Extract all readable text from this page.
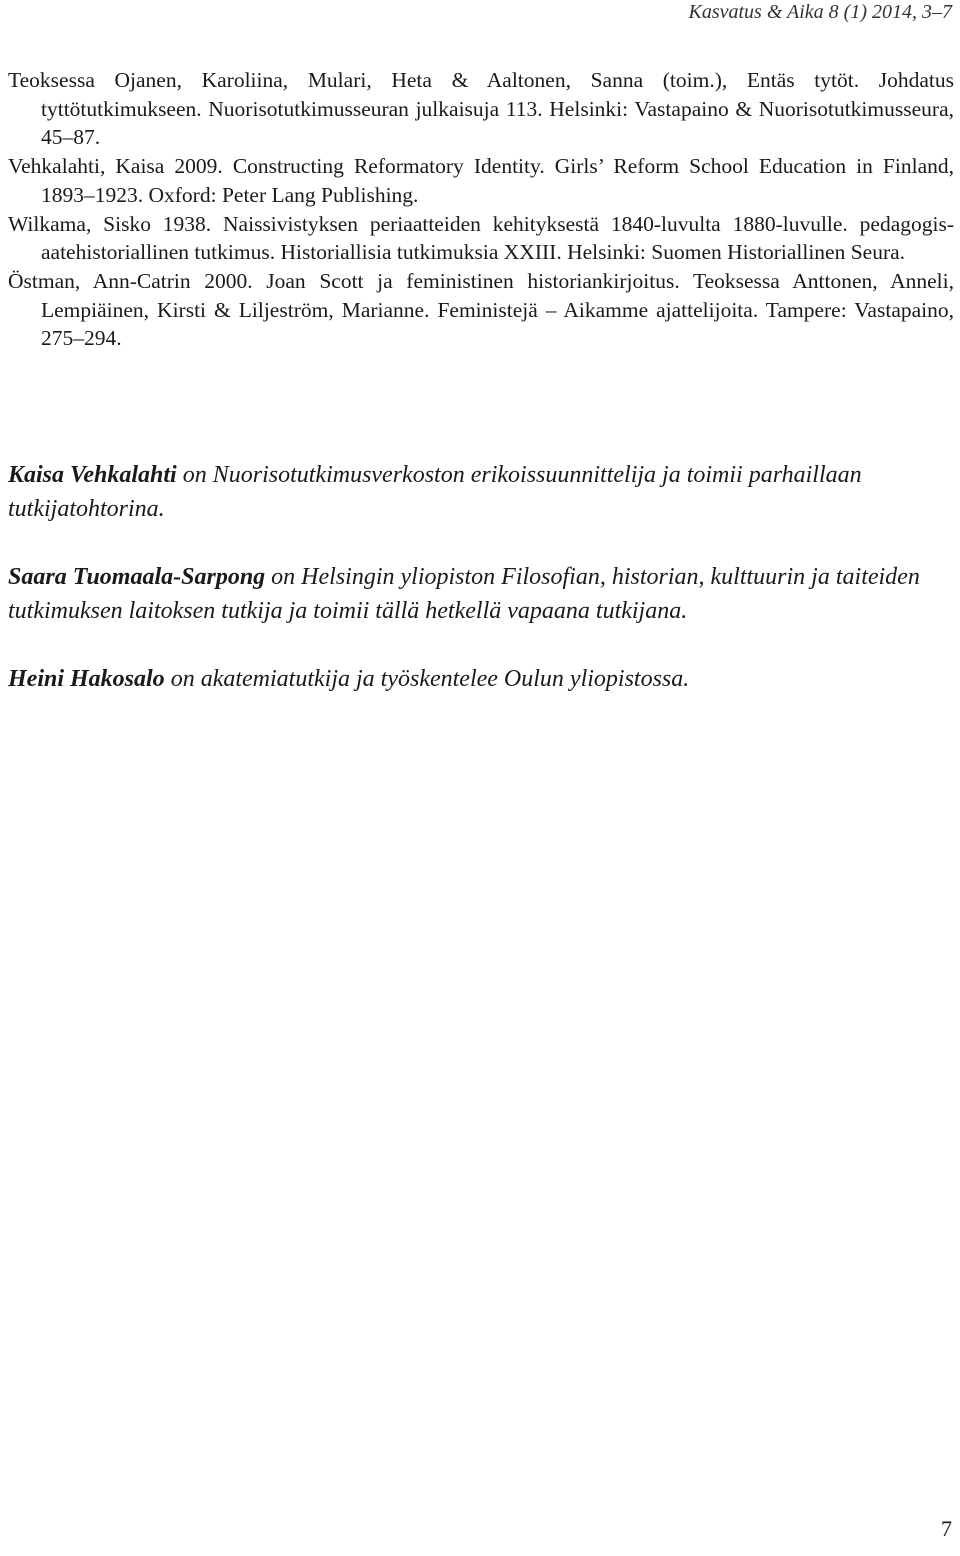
Kasvatus & Aika 8 (1) 2014, 3–7

Teoksessa Ojanen, Karoliina, Mulari, Heta & Aaltonen, Sanna (toim.), Entäs tytöt. Johdatus tyttötutkimukseen. Nuorisotutkimusseuran julkaisuja 113. Helsinki: Vastapaino & Nuorisotutkimusseura, 45–87.

Vehkalahti, Kaisa 2009. Constructing Reformatory Identity. Girls’ Reform School Education in Finland, 1893–1923. Oxford: Peter Lang Publishing.

Wilkama, Sisko 1938. Naissivistyksen periaatteiden kehityksestä 1840-luvulta 1880-luvulle. pedagogis-aatehistoriallinen tutkimus. Historiallisia tutkimuksia XXIII. Helsinki: Suomen Historiallinen Seura.

Östman, Ann-Catrin 2000. Joan Scott ja feministinen historiankirjoitus. Teoksessa Anttonen, Anneli, Lempiäinen, Kirsti & Liljeström, Marianne. Feministejä – Aikamme ajattelijoita. Tampere: Vastapaino, 275–294.

Kaisa Vehkalahti on Nuorisotutkimusverkoston erikoissuunnittelija ja toimii parhaillaan tutkijatohtorina.

Saara Tuomaala-Sarpong on Helsingin yliopiston Filosofian, historian, kulttuurin ja taiteiden tutkimuksen laitoksen tutkija ja toimii tällä hetkellä vapaana tutkijana.

Heini Hakosalo on akatemiatutkija ja työskentelee Oulun yliopistossa.

7
